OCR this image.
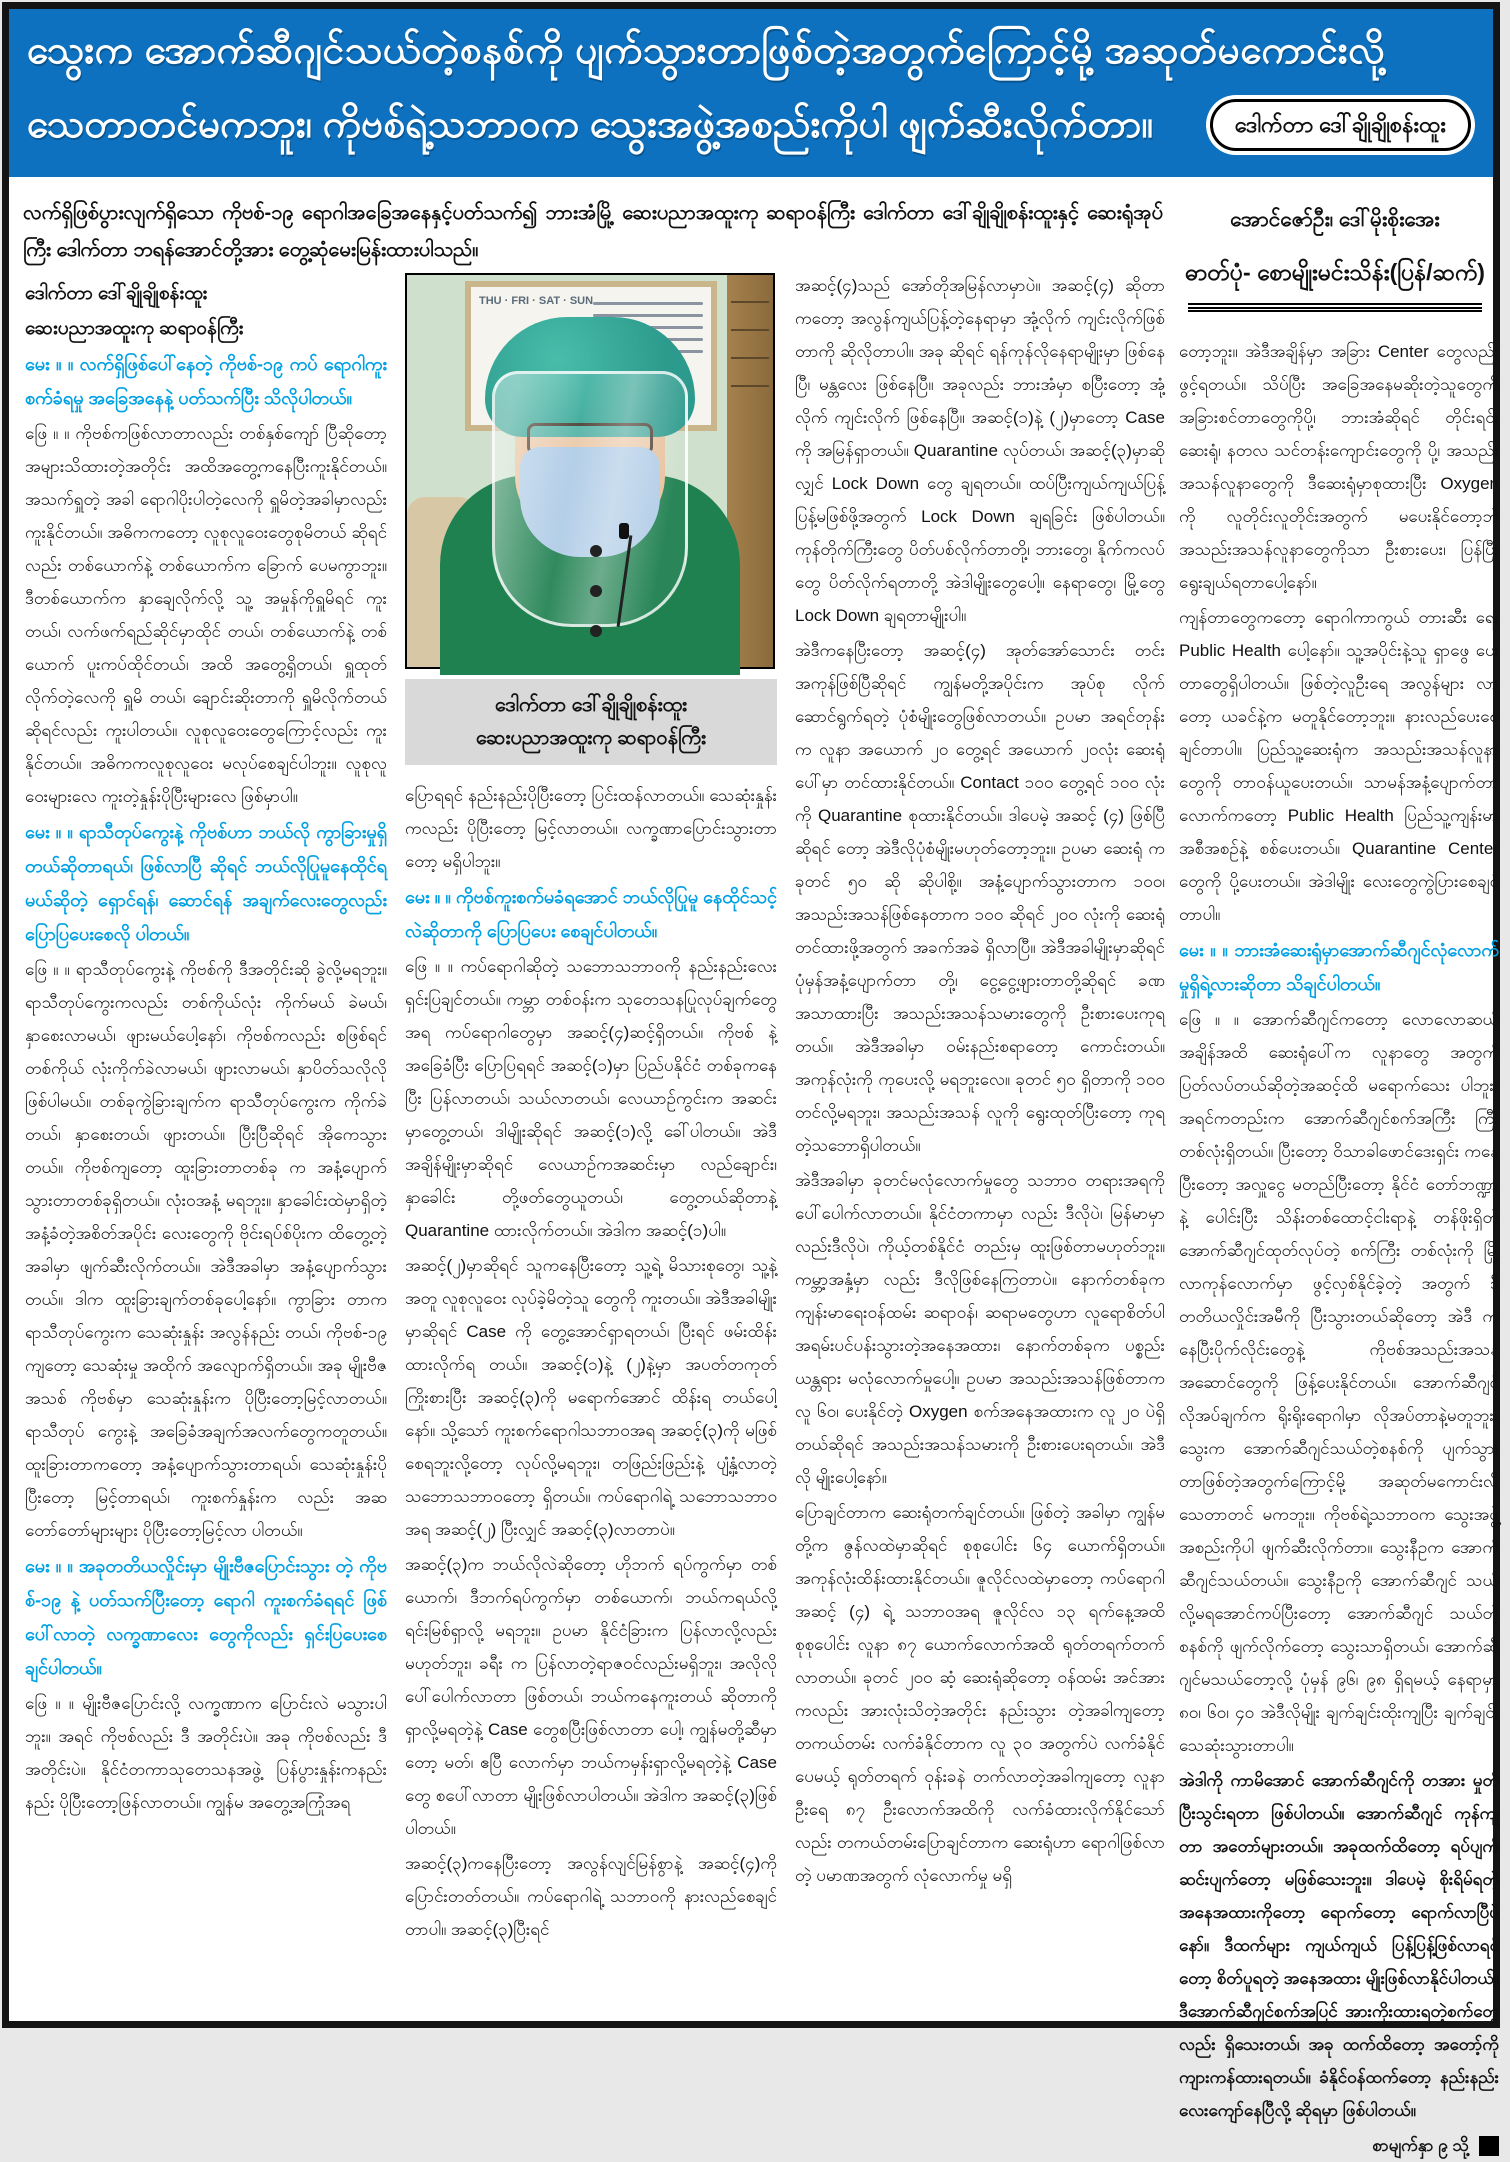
သွေးက အောက်ဆီဂျင်သယ်တဲ့စနစ်ကို ပျက်သွားတာဖြစ်တဲ့အတွက်ကြောင့်မို့ အဆုတ်မကောင်းလို့
သေတာတင်မကဘူး၊ ကိုဗစ်ရဲ့သဘာဝက သွေးအဖွဲ့အစည်းကိုပါ ဖျက်ဆီးလိုက်တာ။	ဒေါက်တာ ဒေါ်ချိုချိုစန်းထူး
လက်ရှိဖြစ်ပွားလျက်ရှိသော ကိုဗစ်-၁၉ ရောဂါအခြေအနေနှင့်ပတ်သက်၍ ဘားအံမြို့ ဆေးပညာအထူးကု ဆရာဝန်ကြီး ဒေါက်တာ ဒေါ်ချိုချိုစန်းထူးနှင့် ဆေးရုံအုပ်ကြီး ဒေါက်တာ ဘရန်အောင်တို့အား တွေ့ဆုံမေးမြန်းထားပါသည်။
အောင်ဇော်ဦး၊ ဒေါ်မိုးစိုးအေး
ဓာတ်ပုံ- စောမျိုးမင်းသိန်း(ပြန်/ဆက်)
ဒေါက်တာ ဒေါ်ချိုချိုစန်းထူး
ဆေးပညာအထူးကု ဆရာဝန်ကြီး
မေး ။ ။ လက်ရှိဖြစ်ပေါ်နေတဲ့ ကိုဗစ်-၁၉ ကပ် ရောဂါကူးစက်ခံရမှု အခြေအနေနဲ့ ပတ်သက်ပြီး သိလိုပါတယ်။
ဖြေ ။ ။ ကိုဗစ်ကဖြစ်လာတာလည်း တစ်နှစ်ကျော် ပြီဆိုတော့ အများသိထားတဲ့အတိုင်း အထိအတွေ့ကနေပြီးကူးနိုင်တယ်။ အသက်ရှူတဲ့ အခါ ရောဂါပိုးပါတဲ့လေကို ရှူမိတဲ့အခါမှာလည်း ကူးနိုင်တယ်။ အဓိကကတော့ လူစုလူဝေးတွေစုမိတယ် ဆိုရင်လည်း တစ်ယောက်နဲ့ တစ်ယောက်က ခြောက် ပေမကွာဘူး။ ဒီတစ်ယောက်က နှာချေလိုက်လို့ သူ့ အမှုန်ကိုရှူမိရင် ကူးတယ်၊ လက်ဖက်ရည်ဆိုင်မှာထိုင် တယ်၊ တစ်ယောက်နဲ့ တစ်ယောက် ပူးကပ်ထိုင်တယ်၊ အထိ အတွေ့ရှိတယ်၊ ရှူထုတ်လိုက်တဲ့လေကို ရှူမိ တယ်၊ ချောင်းဆိုးတာကို ရှူမိလိုက်တယ်ဆိုရင်လည်း ကူးပါတယ်။ လူစုလူဝေးတွေကြောင့်လည်း ကူးနိုင်တယ်။ အဓိကကလူစုလူဝေး မလုပ်စေချင်ပါဘူး။ လူစုလူဝေးများလေ ကူးတဲ့နှုန်းပိုပြီးများလေ ဖြစ်မှာပါ။
မေး ။ ။ ရာသီတုပ်ကွေးနဲ့ ကိုဗစ်ဟာ ဘယ်လို ကွာခြားမှုရှိတယ်ဆိုတာရယ်၊ ဖြစ်လာပြီ ဆိုရင် ဘယ်လိုပြုမူနေထိုင်ရမယ်ဆိုတဲ့ ရှောင်ရန်၊ ဆောင်ရန် အချက်လေးတွေလည်း ပြောပြပေးစေလို ပါတယ်။
ဖြေ ။ ။ ရာသီတုပ်ကွေးနဲ့ ကိုဗစ်ကို ဒီအတိုင်းဆို ခွဲလို့မရဘူး။ ရာသီတုပ်ကွေးကလည်း တစ်ကိုယ်လုံး ကိုက်မယ် ခဲမယ်၊ နှာစေးလာမယ်၊ ဖျားမယ်ပေါ့နော်၊ ကိုဗစ်ကလည်း စဖြစ်ရင် တစ်ကိုယ် လုံးကိုက်ခဲလာမယ်၊ ဖျားလာမယ်၊ နှာပိတ်သလိုလို ဖြစ်ပါမယ်။ တစ်ခုကွဲခြားချက်က ရာသီတုပ်ကွေးက ကိုက်ခဲတယ်၊ နှာစေးတယ်၊ ဖျားတယ်။ ပြီးပြီဆိုရင် အိုကေသွားတယ်။ ကိုဗစ်ကျတော့ ထူးခြားတာတစ်ခု က အနံ့ပျောက်သွားတာတစ်ခုရှိတယ်။ လုံးဝအနံ့ မရဘူး။ နှာခေါင်းထဲမှာရှိတဲ့ အနံ့ခံတဲ့အစိတ်အပိုင်း လေးတွေကို ဗိုင်းရပ်စ်ပိုးက ထိတွေ့တဲ့အခါမှာ ဖျက်ဆီးလိုက်တယ်။ အဲဒီအခါမှာ အနံ့ပျောက်သွား တယ်။ ဒါက ထူးခြားချက်တစ်ခုပေါ့နော်။ ကွာခြား တာက ရာသီတုပ်ကွေးက သေဆုံးနှုန်း အလွန်နည်း တယ်၊ ကိုဗစ်-၁၉ ကျတော့ သေဆုံးမှု အထိုက် အလျောက်ရှိတယ်။ အခု မျိုးဗီဇအသစ် ကိုဗစ်မှာ သေဆုံးနှုန်းက ပိုပြီးတော့မြင့်လာတယ်။ ရာသီတုပ် ကွေးနဲ့ အခြေခံအချက်အလက်တွေကတူတယ်။ ထူးခြားတာကတော့ အနံ့ပျောက်သွားတာရယ်၊ သေဆုံးနှုန်းပိုပြီးတော့ မြင့်တာရယ်၊ ကူးစက်နှုန်းက လည်း အဆတော်တော်များများ ပိုပြီးတော့မြင့်လာ ပါတယ်။
မေး ။ ။ အခုတတိယလှိုင်းမှာ မျိုးဗီဇပြောင်းသွား တဲ့ ကိုဗစ်-၁၉ နဲ့ ပတ်သက်ပြီးတော့ ရောဂါ ကူးစက်ခံရရင် ဖြစ်ပေါ်လာတဲ့ လက္ခဏာလေး တွေကိုလည်း ရှင်းပြပေးစေချင်ပါတယ်။
ဖြေ ။ ။ မျိုးဗီဇပြောင်းလို့ လက္ခဏာက ပြောင်းလဲ မသွားပါဘူး။ အရင် ကိုဗစ်လည်း ဒီ အတိုင်းပဲ။ အခု ကိုဗစ်လည်း ဒီအတိုင်းပဲ။ နိုင်ငံတကာသုတေသနအဖွဲ့ ပြန်ပွားနှုန်းကနည်းနည်း ပိုပြီးတော့ဖြန်လာတယ်။ ကျွန်မ အတွေ့အကြုံအရ
THU · FRI · SAT · SUN
ဒေါက်တာ ဒေါ်ချိုချိုစန်းထူး
ဆေးပညာအထူးကု ဆရာဝန်ကြီး
ပြောရရင် နည်းနည်းပိုပြီးတော့ ပြင်းထန်လာတယ်။ သေဆုံးနှုန်းကလည်း ပိုပြီးတော့ မြင့်လာတယ်။ လက္ခဏာပြောင်းသွားတာတော့ မရှိပါဘူး။
မေး ။ ။ ကိုဗစ်ကူးစက်မခံရအောင် ဘယ်လိုပြုမူ နေထိုင်သင့်လဲဆိုတာကို ပြောပြပေး စေချင်ပါတယ်။
ဖြေ ။ ။ ကပ်ရောဂါဆိုတဲ့ သဘောသဘာဝကို နည်းနည်းလေးရှင်းပြချင်တယ်။ ကမ္ဘာ တစ်ဝန်းက သုတေသနပြုလုပ်ချက်တွေအရ ကပ်ရောဂါတွေမှာ အဆင့်(၄)ဆင့်ရှိတယ်။ ကိုဗစ် နဲ့ အခြေခံပြီး ပြောပြရရင် အဆင့်(၁)မှာ ပြည်ပနိုင်ငံ တစ်ခုကနေပြီး ပြန်လာတယ်၊ သယ်လာတယ်၊ လေယာဉ်ကွင်းက အဆင်းမှာတွေ့တယ်၊ ဒါမျိုးဆိုရင် အဆင့်(၁)လို့ ခေါ်ပါတယ်။ အဲဒီအချိန်မျိုးမှာဆိုရင် လေယာဉ်ကအဆင်းမှာ လည်ချောင်း၊ နှာခေါင်း တို့ဖတ်တွေယူတယ်၊ တွေ့တယ်ဆိုတာနဲ့ Quarantine ထားလိုက်တယ်။ အဲဒါက အဆင့်(၁)ပါ။
အဆင့်(၂)မှာဆိုရင် သူကနေပြီးတော့ သူ့ရဲ့ မိသားစုတွေ၊ သူ့နဲ့အတူ လူစုလူဝေး လုပ်ခဲ့မိတဲ့သူ တွေကို ကူးတယ်။ အဲဒီအခါမျိုးမှာဆိုရင် Case ကို တွေ့အောင်ရှာရတယ်၊ ပြီးရင် ဖမ်းထိန်းထားလိုက်ရ တယ်။ အဆင့်(၁)နဲ့ (၂)နဲ့မှာ အပတ်တကုတ် ကြိုးစားပြီး အဆင့်(၃)ကို မရောက်အောင် ထိန်းရ တယ်ပေါ့နော်။ သို့သော် ကူးစက်ရောဂါသဘာဝအရ အဆင့်(၃)ကို မဖြစ်စေရဘူးလို့တော့ လုပ်လို့မရဘူး၊ တဖြည်းဖြည်းနဲ့ ပျံ့နှံ့လာတဲ့ သဘောသဘာဝတော့ ရှိတယ်။ ကပ်ရောဂါရဲ့ သဘောသဘာဝအရ အဆင့်(၂) ပြီးလျှင် အဆင့်(၃)လာတာပဲ။
အဆင့်(၃)က ဘယ်လိုလဲဆိုတော့ ဟိုဘက် ရပ်ကွက်မှာ တစ်ယောက်၊ ဒီဘက်ရပ်ကွက်မှာ တစ်ယောက်၊ ဘယ်ကရယ်လို့ ရင်းမြစ်ရှာလို့ မရဘူး။ ဥပမာ နိုင်ငံခြားက ပြန်လာလို့လည်းမဟုတ်ဘူး၊ ခရီး က ပြန်လာတဲ့ရာဇဝင်လည်းမရှိဘူး၊ အလိုလို ပေါ်ပေါက်လာတာ ဖြစ်တယ်၊ ဘယ်ကနေကူးတယ် ဆိုတာကို ရှာလို့မရတဲ့နဲ့ Case တွေစပြီးဖြစ်လာတာ ပေါ့၊ ကျွန်မတို့ဆီမှာတော့ မတ်၊ ဧပြီ လောက်မှာ ဘယ်ကမှန်းရှာလို့မရတဲ့နဲ့ Case တွေ စပေါ်လာတာ မျိုးဖြစ်လာပါတယ်။ အဲဒါက အဆင့်(၃)ဖြစ်ပါတယ်။
အဆင့်(၃)ကနေပြီးတော့ အလွန်လျင်မြန်စွာနဲ့ အဆင့်(၄)ကို ပြောင်းတတ်တယ်။ ကပ်ရောဂါရဲ့ သဘာဝကို နားလည်စေချင်တာပါ။ အဆင့်(၃)ပြီးရင်
အဆင့်(၄)သည် အော်တိုအမြန်လာမှာပဲ။ အဆင့်(၄) ဆိုတာကတော့ အလွန်ကျယ်ပြန့်တဲ့နေရာမှာ အုံ့လိုက် ကျင်းလိုက်ဖြစ်တာကို ဆိုလိုတာပါ။ အခု ဆိုရင် ရန်ကုန်လိုနေရာမျိုးမှာ ဖြစ်နေပြီ၊ မန္တလေး ဖြစ်နေပြီ။ အခုလည်း ဘားအံမှာ စပြီးတော့ အုံ့လိုက် ကျင်းလိုက် ဖြစ်နေပြီ။ အဆင့်(၁)နဲ့ (၂)မှာတော့ Case ကို အမြန်ရှာတယ်။ Quarantine လုပ်တယ်၊ အဆင့်(၃)မှာဆိုလျှင် Lock Down တွေ ချရတယ်။ ထပ်ပြီးကျယ်ကျယ်ပြန့်ပြန့်မဖြစ်ဖို့အတွက် Lock Down ချရခြင်း ဖြစ်ပါတယ်။ ကုန်တိုက်ကြီးတွေ ပိတ်ပစ်လိုက်တာတို့၊ ဘားတွေ၊ နိုက်ကလပ်တွေ ပိတ်လိုက်ရတာတို့ အဲဒါမျိုးတွေပေါ့။ နေရာတွေ၊ မြို့တွေ Lock Down ချရတာမျိုးပါ။
အဲဒီကနေပြီးတော့ အဆင့်(၄) အုတ်အော်သောင်း တင်း အကုန်ဖြစ်ပြီဆိုရင် ကျွန်မတို့အပိုင်းက အုပ်စု လိုက် ဆောင်ရွက်ရတဲ့ ပုံစံမျိုးတွေဖြစ်လာတယ်။ ဥပမာ အရင်တုန်းက လူနာ အယောက် ၂၀ တွေ့ရင် အယောက် ၂၀လုံး ဆေးရုံပေါ်မှာ တင်ထားနိုင်တယ်။ Contact ၁၀၀ တွေ့ရင် ၁၀၀ လုံးကို Quarantine စုထားနိုင်တယ်။ ဒါပေမဲ့ အဆင့် (၄) ဖြစ်ပြီဆိုရင် တော့ အဲဒီလိုပုံစံမျိုးမဟုတ်တော့ဘူး။ ဥပမာ ဆေးရုံ က ခုတင် ၅၀ ဆို ဆိုပါစို့။ အနံ့ပျောက်သွားတာက ၁၀၀၊ အသည်းအသန်ဖြစ်နေတာက ၁၀၀ ဆိုရင် ၂၀၀ လုံးကို ဆေးရုံတင်ထားဖို့အတွက် အခက်အခဲ ရှိလာပြီ။ အဲဒီအခါမျိုးမှာဆိုရင် ပုံမှန်အနံ့ပျောက်တာ တို့၊ ငွေ့ငွေ့ဖျားတာတို့ဆိုရင် ခဏအသာထားပြီး အသည်းအသန်သမားတွေကို ဦးစားပေးကုရတယ်။ အဲဒီအခါမှာ ဝမ်းနည်းစရာတော့ ကောင်းတယ်။ အကုန်လုံးကို ကုပေးလို့ မရဘူးလေ။ ခုတင် ၅၀ ရှိတာကို ၁၀၀ တင်လို့မရဘူး၊ အသည်းအသန် လူကို ရွေးထုတ်ပြီးတော့ ကုရတဲ့သဘောရှိပါတယ်။
အဲဒီအခါမှာ ခုတင်မလုံလောက်မှုတွေ သဘာဝ တရားအရကို ပေါ်ပေါက်လာတယ်။ နိုင်ငံတကာမှာ လည်း ဒီလိုပဲ၊ မြန်မာမှာလည်းဒီလိုပဲ၊ ကိုယ့်တစ်နိုင်ငံ တည်းမှ ထူးဖြစ်တာမဟုတ်ဘူး။ ကမ္ဘာ့အနှံ့မှာ လည်း ဒီလိုဖြစ်နေကြတာပဲ။ နောက်တစ်ခုက ကျန်းမာရေးဝန်ထမ်း ဆရာဝန်၊ ဆရာမတွေဟာ လူရောစိတ်ပါ အရမ်းပင်ပန်းသွားတဲ့အနေအထား၊ နောက်တစ်ခုက ပစ္စည်းယန္တရား မလုံလောက်မှုပေါ့။ ဥပမာ အသည်းအသန်ဖြစ်တာက လူ ၆၀၊ ပေးနိုင်တဲ့ Oxygen စက်အနေအထားက လူ ၂၀ ပဲရှိတယ်ဆိုရင် အသည်းအသန်သမားကို ဦးစားပေးရတယ်။ အဲဒီလို မျိုးပေါ့နော်။
ပြောချင်တာက ဆေးရုံတက်ချင်တယ်။ ဖြစ်တဲ့ အခါမှာ ကျွန်မတို့က ဇွန်လထဲမှာဆိုရင် စုစုပေါင်း ၆၄ ယောက်ရှိတယ်။ အကုန်လုံးထိန်းထားနိုင်တယ်။ ဇူလိုင်လထဲမှာတော့ ကပ်ရောဂါ အဆင့် (၄) ရဲ့ သဘာဝအရ ဇူလိုင်လ ၁၃ ရက်နေ့အထိ စုစုပေါင်း လူနာ ၈၇ ယောက်လောက်အထိ ရုတ်တရက်တက် လာတယ်။ ခုတင် ၂၀၀ ဆံ့ ဆေးရုံဆိုတော့ ဝန်ထမ်း အင်အားကလည်း အားလုံးသိတဲ့အတိုင်း နည်းသွား တဲ့အခါကျတော့ တကယ်တမ်း လက်ခံနိုင်တာက လူ ၃၀ အတွက်ပဲ လက်ခံနိုင်ပေမယ့် ရုတ်တရက် ဝုန်းခနဲ တက်လာတဲ့အခါကျတော့ လူနာဦးရေ ၈၇ ဦးလောက်အထိကို လက်ခံထားလိုက်နိုင်သော် လည်း တကယ်တမ်းပြောချင်တာက ဆေးရုံဟာ ရောဂါဖြစ်လာတဲ့ ပမာဏအတွက် လုံလောက်မှု မရှိ
တော့ဘူး။ အဲဒီအချိန်မှာ အခြား Center တွေလည်း ဖွင့်ရတယ်။ သိပ်ပြီး အခြေအနေမဆိုးတဲ့သူတွေကို အခြားစင်တာတွေကိုပို့၊ ဘားအံဆိုရင် တိုင်းရင်း ဆေးရုံ၊ နတလ သင်တန်းကျောင်းတွေကို ပို့၊ အသည်း အသန်လူနာတွေကို ဒီဆေးရုံမှာစုထားပြီး Oxygen ကို လူတိုင်းလူတိုင်းအတွက် မပေးနိုင်တော့ဘဲ အသည်းအသန်လူနာတွေကိုသာ ဦးစားပေး၊ ပြန်ပြီး ရွေးချယ်ရတာပေါ့နော်။
ကျန်တာတွေကတော့ ရောဂါကာကွယ် တားဆီး ရေး Public Health ပေါ့နော်။ သူ့အပိုင်းနဲ့သူ ရှာဖွေ ပေးတာတွေရှိပါတယ်။ ဖြစ်တဲ့လူဦးရေ အလွန်များ လာတော့ ယခင်နဲ့က မတူနိုင်တော့ဘူး။ နားလည်ပေးစေချင်တာပါ။ ပြည်သူ့ဆေးရုံက အသည်းအသန်လူနာတွေကို တာဝန်ယူပေးတယ်။ သာမန်အနံ့ပျောက်တာလောက်ကတော့ Public Health ပြည်သူ့ကျန်းမာအစီအစဉ်နဲ့ စစ်ပေးတယ်။ Quarantine Center တွေကို ပို့ပေးတယ်။ အဲဒါမျိုး လေးတွေကွဲပြားစေချင်တာပါ။
မေး ။ ။ ဘားအံဆေးရုံမှာအောက်ဆီဂျင်လုံလောက် မှုရှိရဲ့လားဆိုတာ သိချင်ပါတယ်။
ဖြေ ။ ။ အောက်ဆီဂျင်ကတော့ လောလောဆယ် အချိန်အထိ ဆေးရုံပေါ်က လူနာတွေ အတွက် ပြတ်လပ်တယ်ဆိုတဲ့အဆင့်ထိ မရောက်သေး ပါဘူး။ အရင်ကတည်းက အောက်ဆီဂျင်စက်အကြီး ကြီးတစ်လုံးရှိတယ်။ ပြီးတော့ ဝိသာခါဖောင်ဒေးရှင်း ကနေပြီးတော့ အလှူငွေ မတည်ပြီးတော့ နိုင်ငံ တော်ဘဏ္ဍာနဲ့ ပေါင်းပြီး သိန်းတစ်ထောင့်ငါးရာနဲ့ တန်ဖိုးရှိတဲ့ အောက်ဆီဂျင်ထုတ်လုပ်တဲ့ စက်ကြီး တစ်လုံးကို မြို့လာကုန်လောက်မှာ ဖွင့်လှစ်နိုင်ခဲ့တဲ့ အတွက် ဒီတတိယလှိုင်းအမီကို ပြီးသွားတယ်ဆိုတော့ အဲဒီ ကနေပြီးပိုက်လိုင်းတွေနဲ့ ကိုဗစ်အသည်းအသန် အဆောင်တွေကို ဖြန့်ပေးနိုင်တယ်။ အောက်ဆီဂျင် လိုအပ်ချက်က ရိုးရိုးရောဂါမှာ လိုအပ်တာနဲ့မတူဘူး။ သွေးက အောက်ဆီဂျင်သယ်တဲ့စနစ်ကို ပျက်သွား တာဖြစ်တဲ့အတွက်ကြောင့်မို့ အဆုတ်မကောင်းလို့ သေတာတင် မကဘူး။ ကိုဗစ်ရဲ့သဘာဝက သွေးအဖွဲ့ အစည်းကိုပါ ဖျက်ဆီးလိုက်တာ။ သွေးနီဥက အောက်ဆီဂျင်သယ်တယ်။ သွေးနီဥကို အောက်ဆီဂျင် သယ်လို့မရအောင်ကပ်ပြီးတော့ အောက်ဆီဂျင် သယ်တဲ့စနစ်ကို ဖျက်လိုက်တော့ သွေးသာရှိတယ်၊ အောက်ဆီဂျင်မသယ်တော့လို့ ပုံမှန် ၉၆၊ ၉၈ ရှိရမယ့် နေရာမှာ ၈၀၊ ၆၀၊ ၄၀ အဲဒီလိုမျိုး ချက်ချင်းထိုးကျပြီး ချက်ချင်းသေဆုံးသွားတာပါ။
အဲဒါကို ကာမိအောင် အောက်ဆီဂျင်ကို တအား မှုတ်ပြီးသွင်းရတာ ဖြစ်ပါတယ်။ အောက်ဆီဂျင် ကုန်ကျတာ အတော်များတယ်။ အခုထက်ထိတော့ ရပ်ပျက်ဆင်းပျက်တော့ မဖြစ်သေးဘူး။ ဒါပေမဲ့ စိုးရိမ်ရတဲ့အနေအထားကိုတော့ ရောက်တော့ ရောက်လာပြီပဲနော်။ ဒီထက်များ ကျယ်ကျယ် ပြန့်ပြန့်ဖြစ်လာရင်တော့ စိတ်ပူရတဲ့ အနေအထား မျိုးဖြစ်လာနိုင်ပါတယ်။ ဒီအောက်ဆီဂျင်စက်အပြင် အားကိုးထားရတဲ့စက်တွေလည်း ရှိသေးတယ်၊ အခု ထက်ထိတော့ အတော့်ကို ကျားကန်ထားရတယ်။ ခံနိုင်ဝန်ထက်တော့ နည်းနည်းလေးကျော်နေပြီလို့ ဆိုရမှာ ဖြစ်ပါတယ်။
စာမျက်နှာ ၉ သို့
